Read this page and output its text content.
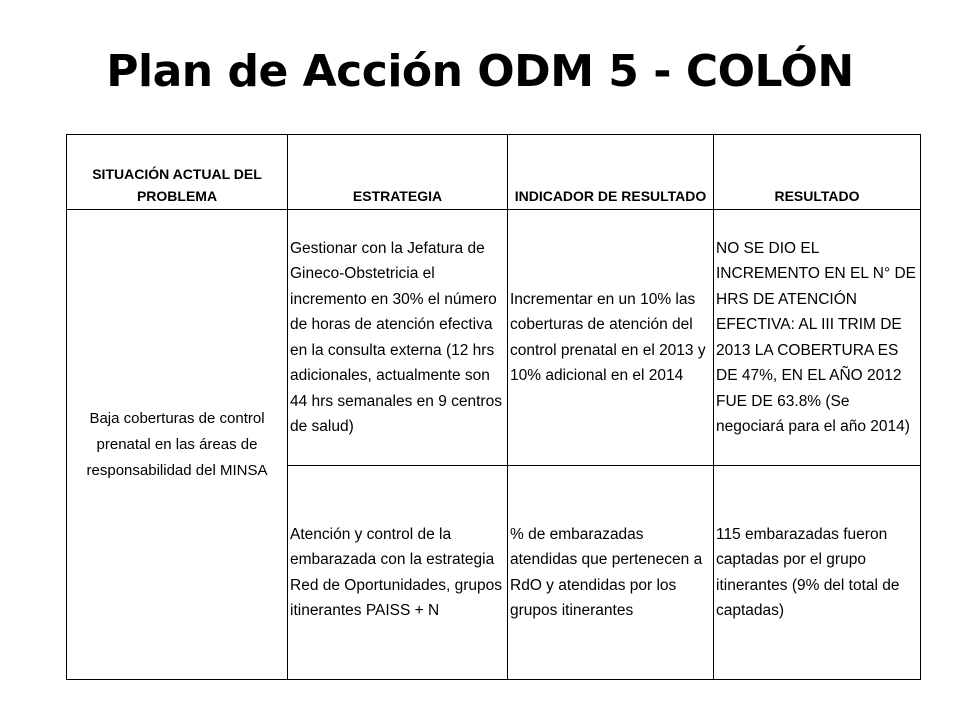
Plan de Acción ODM 5 - COLÓN
SITUACIÓN ACTUAL DEL PROBLEMA	ESTRATEGIA	INDICADOR DE RESULTADO	RESULTADO
Baja coberturas de control prenatal en las áreas de responsabilidad del MINSA	Gestionar con la Jefatura de Gineco-Obstetricia el incremento en 30% el número de horas de atención efectiva en la consulta externa (12 hrs adicionales, actualmente son 44 hrs semanales en 9 centros de salud)	Incrementar en un 10% las coberturas de atención del control prenatal en el 2013 y 10% adicional en el 2014	NO SE DIO EL INCREMENTO EN EL N° DE HRS DE ATENCIÓN EFECTIVA: AL III TRIM DE 2013 LA COBERTURA ES DE 47%, EN EL AÑO 2012 FUE DE 63.8% (Se negociará para el año 2014)
	Atención y control de la embarazada con la estrategia Red de Oportunidades, grupos itinerantes PAISS + N	% de embarazadas atendidas que pertenecen a RdO y atendidas por los grupos itinerantes	115 embarazadas fueron captadas por el grupo itinerantes (9% del total de captadas)
